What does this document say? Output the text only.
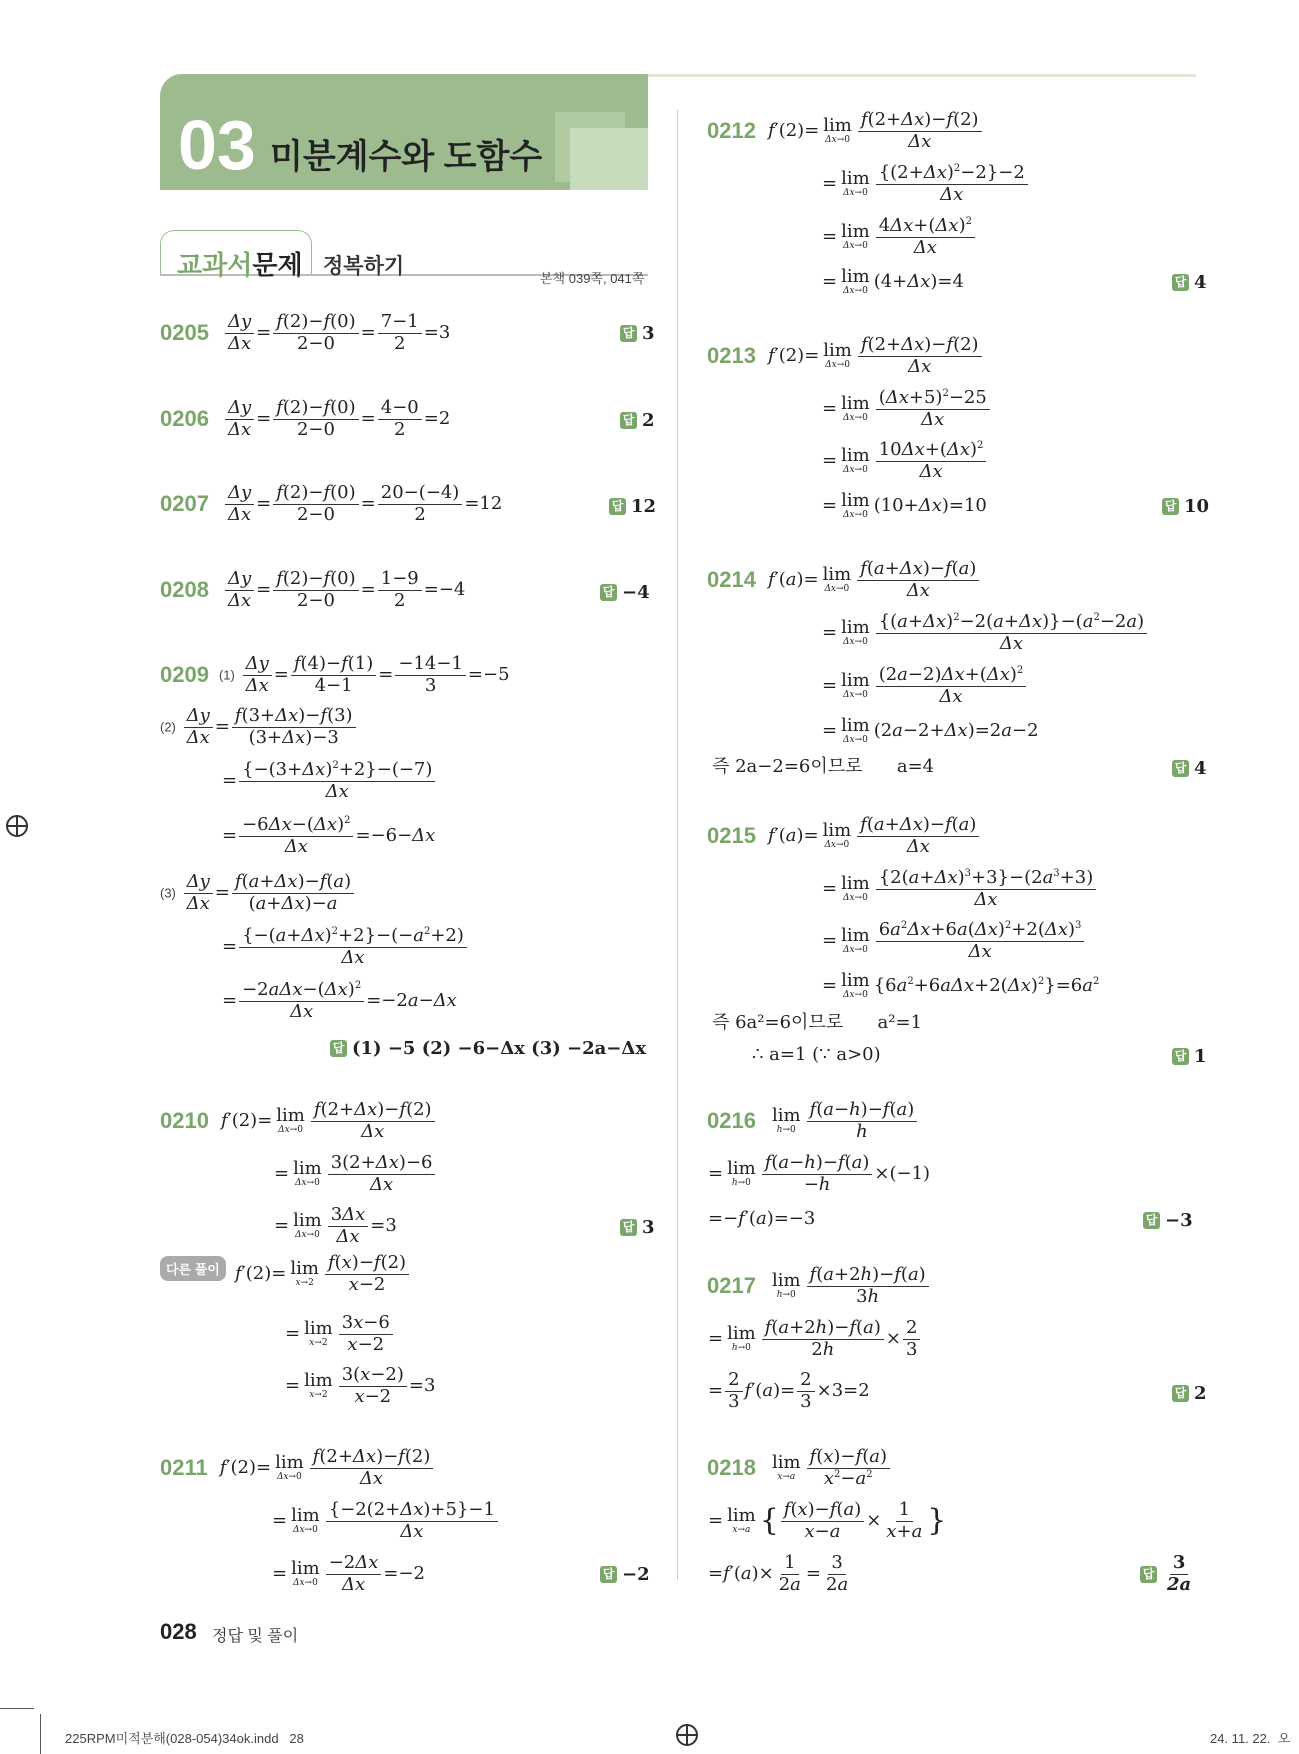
03 미분계수와 도함수
교과서문제 정복하기
본책 039쪽, 041쪽
$0205 \frac{\Delta y}{\Delta x} = \frac{f(2)-f(0)}{2-0} = \frac{7-1}{2} =3$	답 3
$0206 \frac{\Delta y}{\Delta x} = \frac{f(2)-f(0)}{2-0} = \frac{4-0}{2} =2$	답 2
$0207 \frac{\Delta y}{\Delta x} = \frac{f(2)-f(0)}{2-0} = \frac{20-(-4)}{2} =12$	답 12
$0208 \frac{\Delta y}{\Delta x} = \frac{f(2)-f(0)}{2-0} = \frac{1-9}{2} =-4$	답 −4
0209 $(1) \frac{\Delta y}{\Delta x} = \frac{f(4)-f(1)}{4-1} = \frac{-14-1}{3} =-5$
$(2) \frac{\Delta y}{\Delta x} = \frac{f(3+\Delta x)-f(3)}{(3+\Delta x)-3}$
= $\frac{\{-(3+\Delta x)^2+2\}-(-7)}{\Delta x}$
= $\frac{-6\Delta x-(\Delta x)^2}{\Delta x} =-6-\Delta x$
$(3) \frac{\Delta y}{\Delta x} = \frac{f(a+\Delta x)-f(a)}{(a+\Delta x)-a}$
= $\frac{\{-(a+\Delta x)^2+2\}-(-a^2+2)}{\Delta x}$
= $\frac{-2a\Delta x-(\Delta x)^2}{\Delta x} =-2a-\Delta x$
답 (1) −5 (2) −6−Δx (3) −2a−Δx
0210 f′(2)= lim
$\Delta x\to 0 \frac{f(2+\Delta x)-f(2)}{\Delta x}$
= lim
$\Delta x\to 0 \frac{3(2+\Delta x)-6}{\Delta x}$
= lim
$\Delta x\to 0 \frac{3\Delta x}{\Delta x} =3$	답 3
다른 풀이 f′(2)= lim
$x\to 2 \frac{f(x)-f(2)}{x-2}$
= lim
$x\to 2 \frac{3x-6}{x-2}$
= lim
$x\to 2 \frac{3(x-2)}{x-2} =3$
0211 f′(2)= lim
$\Delta x\to 0 \frac{f(2+\Delta x)-f(2)}{\Delta x}$
= lim
$\Delta x\to 0 \frac{\{-2(2+\Delta x)+5\}-1}{\Delta x}$
= lim
$\Delta x\to 0 \frac{-2\Delta x}{\Delta x} =-2$	답 −2
0212 f′(2)= lim
$\Delta x\to 0 \frac{f(2+\Delta x)-f(2)}{\Delta x}$
= lim
$\Delta x\to 0 \frac{\{(2+\Delta x)^2-2\}-2}{\Delta x}$
= lim
$\Delta x\to 0 \frac{4\Delta x+(\Delta x)^2}{\Delta x}$
= lim
Δx→0 (4+Δx)=4	답 4
0213 f′(2)= lim
$\Delta x\to 0 \frac{f(2+\Delta x)-f(2)}{\Delta x}$
= lim
$\Delta x\to 0 \frac{(\Delta x+5)^2-25}{\Delta x}$
= lim
$\Delta x\to 0 \frac{10\Delta x+(\Delta x)^2}{\Delta x}$
= lim
Δx→0 (10+Δx)=10	답 10
0214 f′(a)= lim
$\Delta x\to 0 \frac{f(a+\Delta x)-f(a)}{\Delta x}$
= lim
$\Delta x\to 0 \frac{\{(a+\Delta x)^2-2(a+\Delta x)\}-(a^2-2a)}{\Delta x}$
= lim
$\Delta x\to 0 \frac{(2a-2)\Delta x+(\Delta x)^2}{\Delta x}$
= lim
Δx→0 (2a−2+Δx)=2a−2
즉 2a−2=6이므로      a=4	답 4
0215 f′(a)= lim
$\Delta x\to 0 \frac{f(a+\Delta x)-f(a)}{\Delta x}$
= lim
$\Delta x\to 0 \frac{\{2(a+\Delta x)^3+3\}-(2a^3+3)}{\Delta x}$
= lim
$\Delta x\to 0 \frac{6a^2\Delta x+6a(\Delta x)^2+2(\Delta x)^3}{\Delta x}$
= lim
Δx→0 $\{6a^2+6a\Delta x+2(\Delta x)^2\}=6a^2$
즉 6a²=6이므로      a²=1
∴ a=1 (∵ a>0)	답 1
0216 lim
$h\to 0 \frac{f(a-h)-f(a)}{h}$
= lim
$h\to 0 \frac{f(a-h)-f(a)}{-h} \times(-1)$
=−f′(a)=−3	답 −3
0217 lim
$h\to 0 \frac{f(a+2h)-f(a)}{3h}$
= lim
$h\to 0 \frac{f(a+2h)-f(a)}{2h} \times \frac{2}{3}$
= $\frac{2}{3} f'(a)= \frac{2}{3} \times 3=2$	답 2
0218 lim
$x\to a \frac{f(x)-f(a)}{x^2-a^2}$
= lim
x→a { $\frac{f(x)-f(a)}{x-a} \times \frac{1}{x+a}$ }
$=f'(a)\times \frac{1}{2a} = \frac{3}{2a}$	답 $\frac{3}{2a}$
028 정답 및 풀이
225RPM미적분해(028-054)34ok.indd   28	24. 11. 22.  오
